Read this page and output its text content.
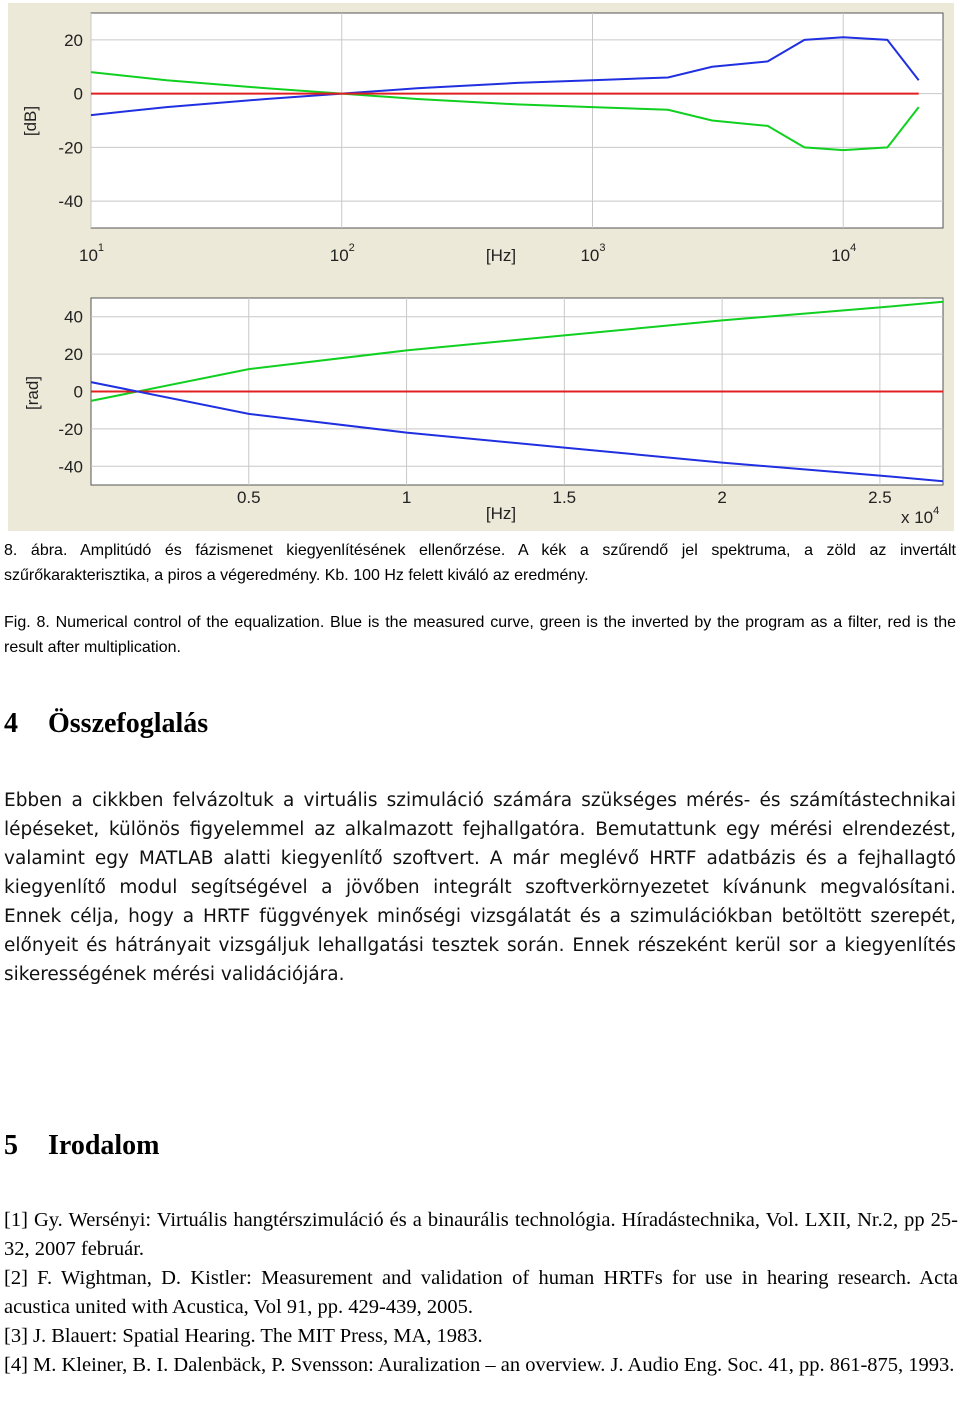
20
0
-20
-40
$10^1$	$10^2$	$10^3$	$10^4$
[dB]
[Hz]
40
20
0
-20
-40
0.5	1	1.5	2	2.5
[rad]
[Hz]	x $10^4$

8. ábra. Amplitúdó és fázismenet kiegyenlítésének ellenőrzése. A kék a szűrendő jel spektruma, a zöld az invertált szűrőkarakterisztika, a piros a végeredmény. Kb. 100 Hz felett kiváló az eredmény.

Fig. 8. Numerical control of the equalization. Blue is the measured curve, green is the inverted by the program as a filter, red is the result after multiplication.

4 Összefoglalás

Ebben a cikkben felvázoltuk a virtuális szimuláció számára szükséges mérés- és számítástechnikai lépéseket, különös figyelemmel az alkalmazott fejhallgatóra. Bemutattunk egy mérési elrendezést, valamint egy MATLAB alatti kiegyenlítő szoftvert. A már meglévő HRTF adatbázis és a fejhallagtó kiegyenlítő modul segítségével a jövőben integrált szoftverkörnyezetet kívánunk megvalósítani. Ennek célja, hogy a HRTF függvények minőségi vizsgálatát és a szimulációkban betöltött szerepét, előnyeit és hátrányait vizsgáljuk lehallgatási tesztek során. Ennek részeként kerül sor a kiegyenlítés sikerességének mérési validációjára.

5 Irodalom
[1] Gy. Wersényi: Virtuális hangtérszimuláció és a binaurális technológia. Híradástechnika, Vol. LXII, Nr.2, pp 25-32, 2007 február.
[2] F. Wightman, D. Kistler: Measurement and validation of human HRTFs for use in hearing research. Acta acustica united with Acustica, Vol 91, pp. 429-439, 2005.
[3] J. Blauert: Spatial Hearing. The MIT Press, MA, 1983.
[4] M. Kleiner, B. I. Dalenbäck, P. Svensson: Auralization – an overview. J. Audio Eng. Soc. 41, pp. 861-875, 1993.
